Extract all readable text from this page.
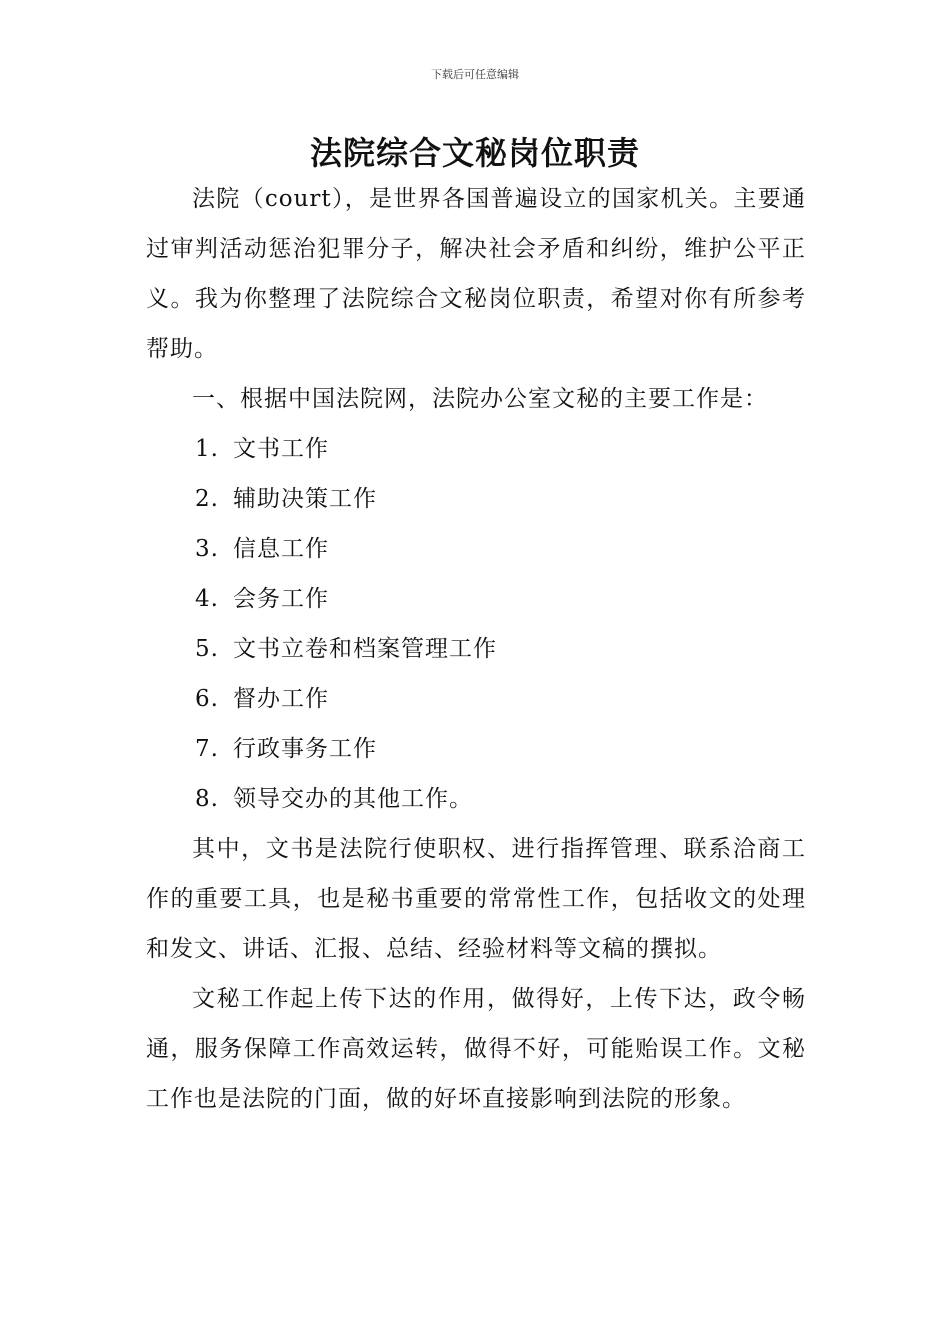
下载后可任意编辑
法院综合文秘岗位职责

法院（court），是世界各国普遍设立的国家机关。主要通过审判活动惩治犯罪分子，解决社会矛盾和纠纷，维护公平正义。我为你整理了法院综合文秘岗位职责，希望对你有所参考帮助。

一、根据中国法院网，法院办公室文秘的主要工作是：

1. 文书工作
2. 辅助决策工作
3. 信息工作
4. 会务工作
5. 文书立卷和档案管理工作
6. 督办工作
7. 行政事务工作
8. 领导交办的其他工作。

其中，文书是法院行使职权、进行指挥管理、联系洽商工作的重要工具，也是秘书重要的常常性工作，包括收文的处理和发文、讲话、汇报、总结、经验材料等文稿的撰拟。

文秘工作起上传下达的作用，做得好，上传下达，政令畅通，服务保障工作高效运转，做得不好，可能贻误工作。文秘工作也是法院的门面，做的好坏直接影响到法院的形象。
